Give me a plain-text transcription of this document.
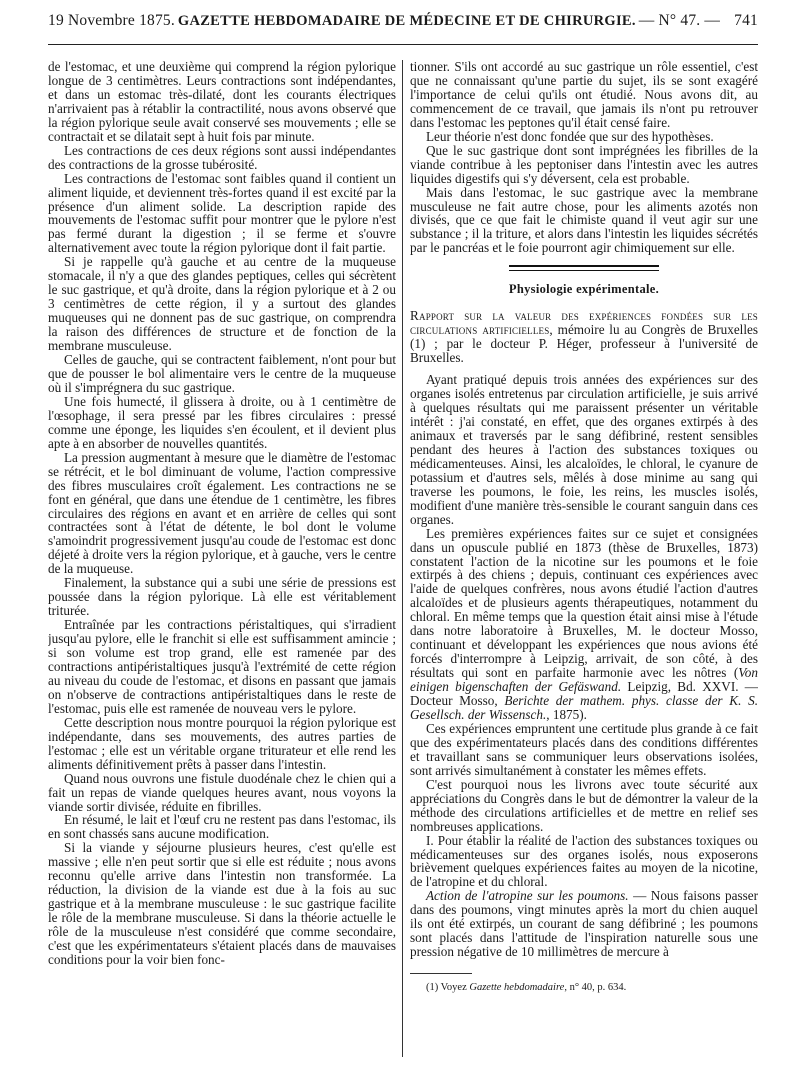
19 Novembre 1875. GAZETTE HEBDOMADAIRE DE MÉDECINE ET DE CHIRURGIE. — N° 47. — 741

de l'estomac, et une deuxième qui comprend la région pylorique longue de 3 centimètres. Leurs contractions sont indépendantes, et dans un estomac très-dilaté, dont les courants électriques n'arrivaient pas à rétablir la contractilité, nous avons observé que la région pylorique seule avait conservé ses mouvements ; elle se contractait et se dilatait sept à huit fois par minute.

Les contractions de ces deux régions sont aussi indépendantes des contractions de la grosse tubérosité.

Les contractions de l'estomac sont faibles quand il contient un aliment liquide, et deviennent très-fortes quand il est excité par la présence d'un aliment solide. La description rapide des mouvements de l'estomac suffit pour montrer que le pylore n'est pas fermé durant la digestion ; il se ferme et s'ouvre alternativement avec toute la région pylorique dont il fait partie.

Si je rappelle qu'à gauche et au centre de la muqueuse stomacale, il n'y a que des glandes peptiques, celles qui sécrètent le suc gastrique, et qu'à droite, dans la région pylorique et à 2 ou 3 centimètres de cette région, il y a surtout des glandes muqueuses qui ne donnent pas de suc gastrique, on comprendra la raison des différences de structure et de fonction de la membrane musculeuse.

Celles de gauche, qui se contractent faiblement, n'ont pour but que de pousser le bol alimentaire vers le centre de la muqueuse où il s'imprégnera du suc gastrique.

Une fois humecté, il glissera à droite, ou à 1 centimètre de l'œsophage, il sera pressé par les fibres circulaires : pressé comme une éponge, les liquides s'en écoulent, et il devient plus apte à en absorber de nouvelles quantités.

La pression augmentant à mesure que le diamètre de l'estomac se rétrécit, et le bol diminuant de volume, l'action compressive des fibres musculaires croît également. Les contractions ne se font en général, que dans une étendue de 1 centimètre, les fibres circulaires des régions en avant et en arrière de celles qui sont contractées sont à l'état de détente, le bol dont le volume s'amoindrit progressivement jusqu'au coude de l'estomac est donc déjeté à droite vers la région pylorique, et à gauche, vers le centre de la muqueuse.

Finalement, la substance qui a subi une série de pressions est poussée dans la région pylorique. Là elle est véritablement triturée.

Entraînée par les contractions péristaltiques, qui s'irradient jusqu'au pylore, elle le franchit si elle est suffisamment amincie ; si son volume est trop grand, elle est ramenée par des contractions antipéristaltiques jusqu'à l'extrémité de cette région au niveau du coude de l'estomac, et disons en passant que jamais on n'observe de contractions antipéristaltiques dans le reste de l'estomac, puis elle est ramenée de nouveau vers le pylore.

Cette description nous montre pourquoi la région pylorique est indépendante, dans ses mouvements, des autres parties de l'estomac ; elle est un véritable organe triturateur et elle rend les aliments définitivement prêts à passer dans l'intestin.

Quand nous ouvrons une fistule duodénale chez le chien qui a fait un repas de viande quelques heures avant, nous voyons la viande sortir divisée, réduite en fibrilles.

En résumé, le lait et l'œuf cru ne restent pas dans l'estomac, ils en sont chassés sans aucune modification.

Si la viande y séjourne plusieurs heures, c'est qu'elle est massive ; elle n'en peut sortir que si elle est réduite ; nous avons reconnu qu'elle arrive dans l'intestin non transformée. La réduction, la division de la viande est due à la fois au suc gastrique et à la membrane musculeuse : le suc gastrique facilite le rôle de la membrane musculeuse. Si dans la théorie actuelle le rôle de la musculeuse n'est considéré que comme secondaire, c'est que les expérimentateurs s'étaient placés dans de mauvaises conditions pour la voir bien fonc-

tionner. S'ils ont accordé au suc gastrique un rôle essentiel, c'est que ne connaissant qu'une partie du sujet, ils se sont exagéré l'importance de celui qu'ils ont étudié. Nous avons dit, au commencement de ce travail, que jamais ils n'ont pu retrouver dans l'estomac les peptones qu'il était censé faire.

Leur théorie n'est donc fondée que sur des hypothèses.

Que le suc gastrique dont sont imprégnées les fibrilles de la viande contribue à les peptoniser dans l'intestin avec les autres liquides digestifs qui s'y déversent, cela est probable.

Mais dans l'estomac, le suc gastrique avec la membrane musculeuse ne fait autre chose, pour les aliments azotés non divisés, que ce que fait le chimiste quand il veut agir sur une substance ; il la triture, et alors dans l'intestin les liquides sécrétés par le pancréas et le foie pourront agir chimiquement sur elle.

Physiologie expérimentale.

Rapport sur la valeur des expériences fondées sur les circulations artificielles, mémoire lu au Congrès de Bruxelles (1) ; par le docteur P. Héger, professeur à l'université de Bruxelles.

Ayant pratiqué depuis trois années des expériences sur des organes isolés entretenus par circulation artificielle, je suis arrivé à quelques résultats qui me paraissent présenter un véritable intérêt : j'ai constaté, en effet, que des organes extirpés à des animaux et traversés par le sang défibriné, restent sensibles pendant des heures à l'action des substances toxiques ou médicamenteuses. Ainsi, les alcaloïdes, le chloral, le cyanure de potassium et d'autres sels, mêlés à dose minime au sang qui traverse les poumons, le foie, les reins, les muscles isolés, modifient d'une manière très-sensible le courant sanguin dans ces organes.

Les premières expériences faites sur ce sujet et consignées dans un opuscule publié en 1873 (thèse de Bruxelles, 1873) constatent l'action de la nicotine sur les poumons et le foie extirpés à des chiens ; depuis, continuant ces expériences avec l'aide de quelques confrères, nous avons étudié l'action d'autres alcaloïdes et de plusieurs agents thérapeutiques, notamment du chloral. En même temps que la question était ainsi mise à l'étude dans notre laboratoire à Bruxelles, M. le docteur Mosso, continuant et développant les expériences que nous avions été forcés d'interrompre à Leipzig, arrivait, de son côté, à des résultats qui sont en parfaite harmonie avec les nôtres (Von einigen bigenschaften der Gefäswand. Leipzig, Bd. XXVI. — Docteur Mosso, Berichte der mathem. phys. classe der K. S. Gesellsch. der Wissensch., 1875).

Ces expériences empruntent une certitude plus grande à ce fait que des expérimentateurs placés dans des conditions différentes et travaillant sans se communiquer leurs observations isolées, sont arrivés simultanément à constater les mêmes effets.

C'est pourquoi nous les livrons avec toute sécurité aux appréciations du Congrès dans le but de démontrer la valeur de la méthode des circulations artificielles et de mettre en relief ses nombreuses applications.

I. Pour établir la réalité de l'action des substances toxiques ou médicamenteuses sur des organes isolés, nous exposerons brièvement quelques expériences faites au moyen de la nicotine, de l'atropine et du chloral.

Action de l'atropine sur les poumons. — Nous faisons passer dans des poumons, vingt minutes après la mort du chien auquel ils ont été extirpés, un courant de sang défibriné ; les poumons sont placés dans l'attitude de l'inspiration naturelle sous une pression négative de 10 millimètres de mercure à

(1) Voyez Gazette hebdomadaire, n° 40, p. 634.
